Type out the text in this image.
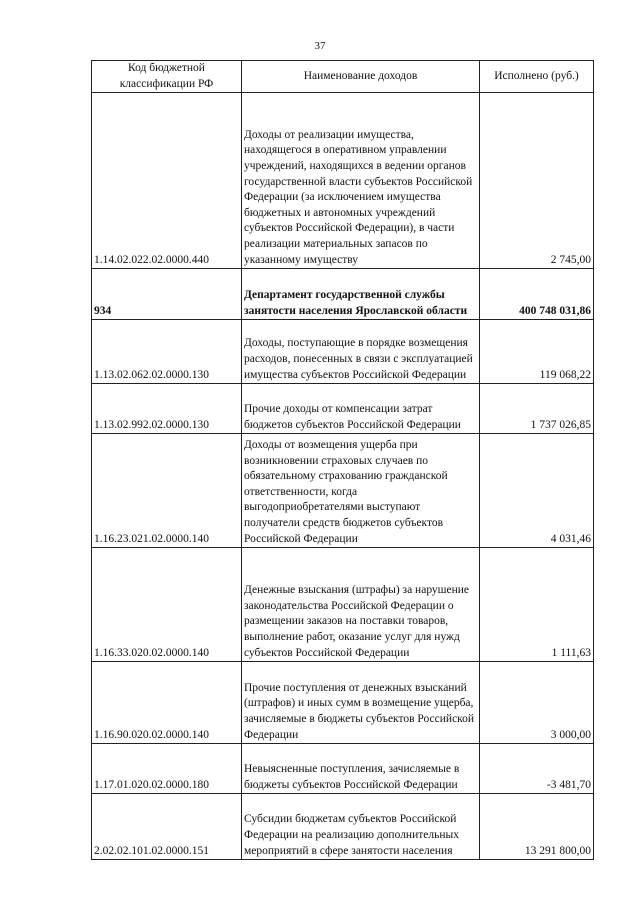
37
Код бюджетной классификации РФ	Наименование доходов	Исполнено (руб.)
1.14.02.022.02.0000.440	Доходы от реализации имущества, находящегося в оперативном управлении учреждений, находящихся в ведении органов государственной власти субъектов Российской Федерации (за исключением имущества бюджетных и автономных учреждений субъектов Российской Федерации), в части реализации материальных запасов по указанному имуществу	2 745,00
934	Департамент государственной службы занятости населения Ярославской области	400 748 031,86
1.13.02.062.02.0000.130	Доходы, поступающие в порядке возмещения расходов, понесенных в связи с эксплуатацией имущества субъектов Российской Федерации	119 068,22
1.13.02.992.02.0000.130	Прочие доходы от компенсации затрат бюджетов субъектов Российской Федерации	1 737 026,85
1.16.23.021.02.0000.140	Доходы от возмещения ущерба при возникновении страховых случаев по обязательному страхованию гражданской ответственности, когда выгодоприобретателями выступают получатели средств бюджетов субъектов Российской Федерации	4 031,46
1.16.33.020.02.0000.140	Денежные взыскания (штрафы) за нарушение законодательства Российской Федерации о размещении заказов на поставки товаров, выполнение работ, оказание услуг для нужд субъектов Российской Федерации	1 111,63
1.16.90.020.02.0000.140	Прочие поступления от денежных взысканий (штрафов) и иных сумм в возмещение ущерба, зачисляемые в бюджеты субъектов Российской Федерации	3 000,00
1.17.01.020.02.0000.180	Невыясненные поступления, зачисляемые в бюджеты субъектов Российской Федерации	-3 481,70
2.02.02.101.02.0000.151	Субсидии бюджетам субъектов Российской Федерации на реализацию дополнительных мероприятий в сфере занятости населения	13 291 800,00
